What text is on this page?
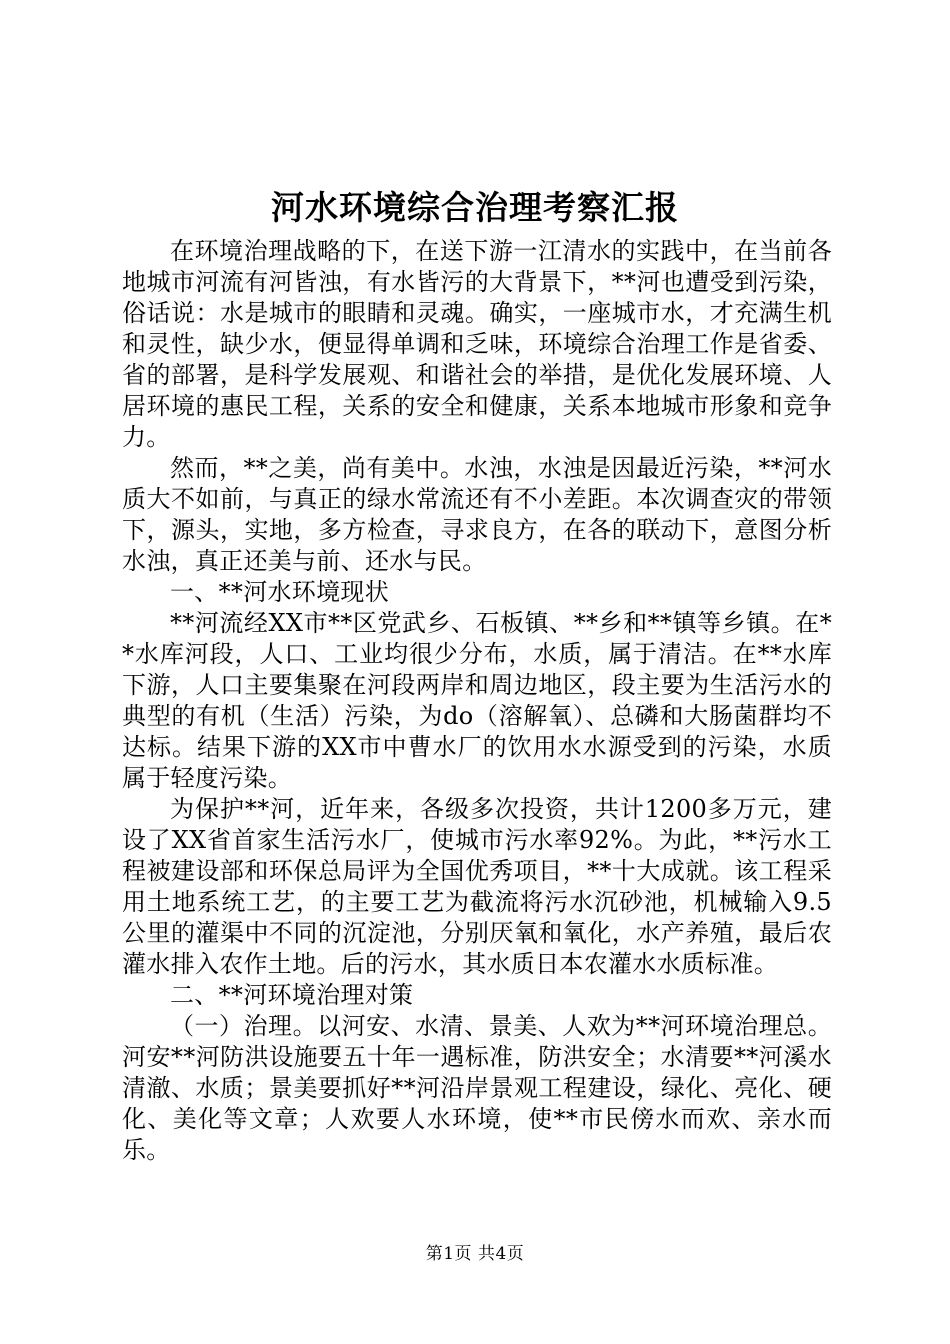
河水环境综合治理考察汇报

在环境治理战略的下，在送下游一江清水的实践中，在当前各地城市河流有河皆浊，有水皆污的大背景下，**河也遭受到污染，俗话说：水是城市的眼睛和灵魂。确实，一座城市水，才充满生机和灵性，缺少水，便显得单调和乏味，环境综合治理工作是省委、省的部署，是科学发展观、和谐社会的举措，是优化发展环境、人居环境的惠民工程，关系的安全和健康，关系本地城市形象和竞争力。

然而，**之美，尚有美中。水浊，水浊是因最近污染，**河水质大不如前，与真正的绿水常流还有不小差距。本次调查灾的带领下，源头，实地，多方检查，寻求良方，在各的联动下，意图分析水浊，真正还美与前、还水与民。

一、**河水环境现状

**河流经XX市**区党武乡、石板镇、**乡和**镇等乡镇。在**水库河段，人口、工业均很少分布，水质，属于清洁。在**水库下游，人口主要集聚在河段两岸和周边地区，段主要为生活污水的典型的有机（生活）污染，为do（溶解氧）、总磷和大肠菌群均不达标。结果下游的XX市中曹水厂的饮用水水源受到的污染，水质属于轻度污染。

为保护**河，近年来，各级多次投资，共计1200多万元，建设了XX省首家生活污水厂，使城市污水率92%。为此，**污水工程被建设部和环保总局评为全国优秀项目，**十大成就。该工程采用土地系统工艺，的主要工艺为截流将污水沉砂池，机械输入9.5公里的灌渠中不同的沉淀池，分别厌氧和氧化，水产养殖，最后农灌水排入农作土地。后的污水，其水质日本农灌水水质标准。

二、**河环境治理对策

（一）治理。以河安、水清、景美、人欢为**河环境治理总。河安**河防洪设施要五十年一遇标准，防洪安全；水清要**河溪水清澈、水质；景美要抓好**河沿岸景观工程建设，绿化、亮化、硬化、美化等文章；人欢要人水环境，使**市民傍水而欢、亲水而乐。

第1页 共4页
